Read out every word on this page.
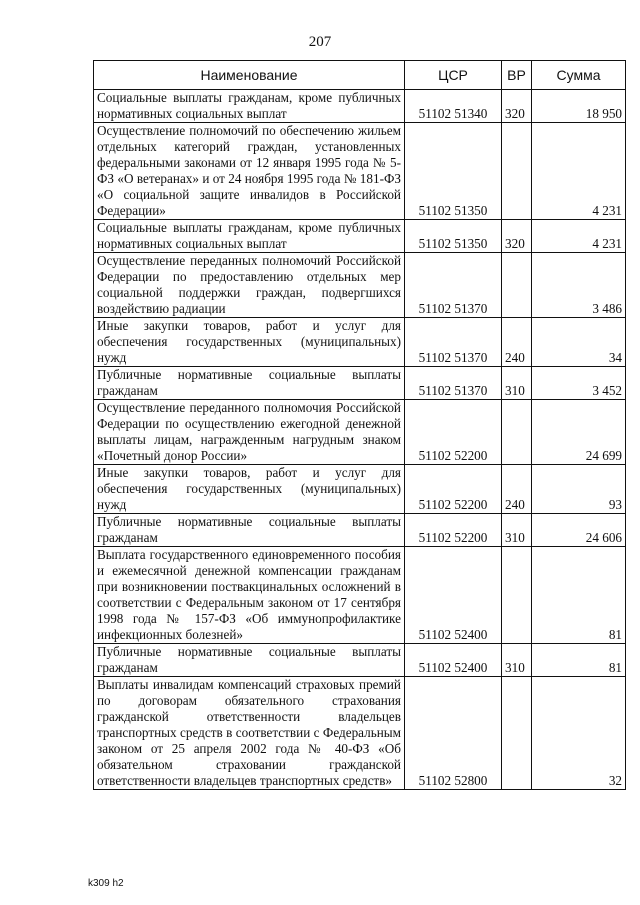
207
Наименование	ЦСР	ВР	Сумма
Социальные выплаты гражданам, кроме публичных нормативных социальных выплат	51102 51340	320	18 950
Осуществление полномочий по обеспечению жильем отдельных категорий граждан, установленных федеральными законами от 12 января 1995 года № 5-ФЗ «О ветеранах» и от 24 ноября 1995 года № 181-ФЗ «О социальной защите инвалидов в Российской Федерации»	51102 51350		4 231
Социальные выплаты гражданам, кроме публичных нормативных социальных выплат	51102 51350	320	4 231
Осуществление переданных полномочий Российской Федерации по предоставлению отдельных мер социальной поддержки граждан, подвергшихся воздействию радиации	51102 51370		3 486
Иные закупки товаров, работ и услуг для обеспечения государственных (муниципальных) нужд	51102 51370	240	34
Публичные нормативные социальные выплаты гражданам	51102 51370	310	3 452
Осуществление переданного полномочия Российской Федерации по осуществлению ежегодной денежной выплаты лицам, награжденным нагрудным знаком «Почетный донор России»	51102 52200		24 699
Иные закупки товаров, работ и услуг для обеспечения государственных (муниципальных) нужд	51102 52200	240	93
Публичные нормативные социальные выплаты гражданам	51102 52200	310	24 606
Выплата государственного единовременного пособия и ежемесячной денежной компенсации гражданам при возникновении поствакцинальных осложнений в соответствии с Федеральным законом от 17 сентября 1998 года № 157-ФЗ «Об иммунопрофилактике инфекционных болезней»	51102 52400		81
Публичные нормативные социальные выплаты гражданам	51102 52400	310	81
Выплаты инвалидам компенсаций страховых премий по договорам обязательного страхования гражданской ответственности владельцев транспортных средств в соответствии с Федеральным законом от 25 апреля 2002 года № 40-ФЗ «Об обязательном страховании гражданской ответственности владельцев транспортных средств»	51102 52800		32
k309 h2
